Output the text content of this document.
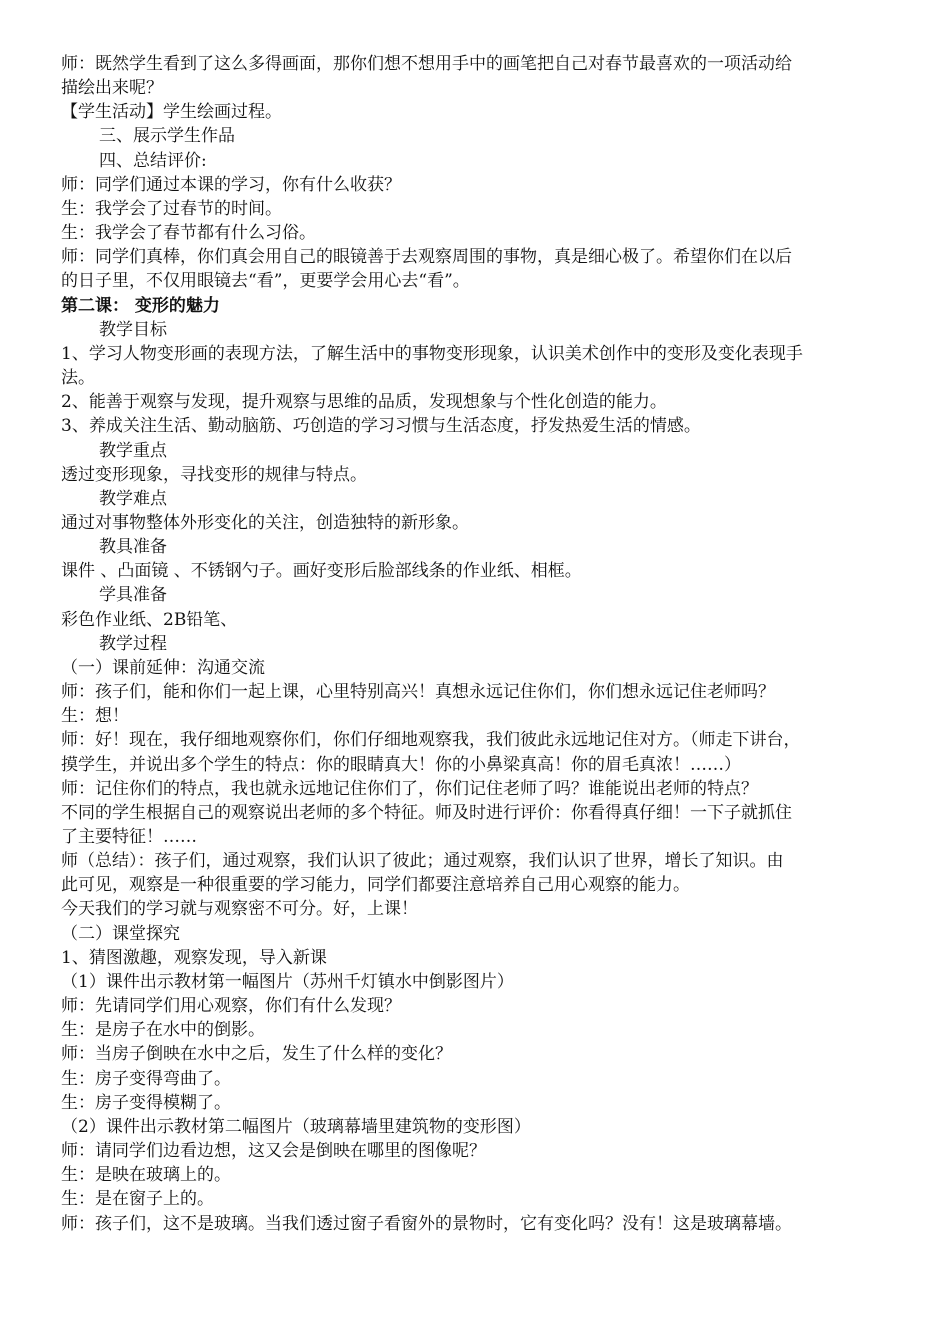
师：既然学生看到了这么多得画面，那你们想不想用手中的画笔把自己对春节最喜欢的一项活动给

描绘出来呢？

【学生活动】学生绘画过程。

三、展示学生作品

四、总结评价:

师：同学们通过本课的学习，你有什么收获？

生：我学会了过春节的时间。

生：我学会了春节都有什么习俗。

师：同学们真棒，你们真会用自己的眼镜善于去观察周围的事物，真是细心极了。希望你们在以后

的日子里，不仅用眼镜去“看”，更要学会用心去“看”。

第二课： 变形的魅力

教学目标

1、学习人物变形画的表现方法，了解生活中的事物变形现象，认识美术创作中的变形及变化表现手

法。

2、能善于观察与发现，提升观察与思维的品质，发现想象与个性化创造的能力。

3、养成关注生活、勤动脑筋、巧创造的学习习惯与生活态度，抒发热爱生活的情感。

教学重点

透过变形现象，寻找变形的规律与特点。

教学难点

通过对事物整体外形变化的关注，创造独特的新形象。

教具准备

课件 、凸面镜 、不锈钢勺子。画好变形后脸部线条的作业纸、相框。

学具准备

彩色作业纸、2B铅笔、

教学过程

（一）课前延伸：沟通交流

师：孩子们，能和你们一起上课，心里特别高兴！真想永远记住你们，你们想永远记住老师吗？

生：想！

师：好！现在，我仔细地观察你们，你们仔细地观察我，我们彼此永远地记住对方。（师走下讲台，

摸学生，并说出多个学生的特点：你的眼睛真大！你的小鼻梁真高！你的眉毛真浓！……）

师：记住你们的特点，我也就永远地记住你们了，你们记住老师了吗？谁能说出老师的特点？

不同的学生根据自己的观察说出老师的多个特征。师及时进行评价：你看得真仔细！一下子就抓住

了主要特征！……

师（总结）：孩子们，通过观察，我们认识了彼此；通过观察，我们认识了世界，增长了知识。由

此可见，观察是一种很重要的学习能力，同学们都要注意培养自己用心观察的能力。

今天我们的学习就与观察密不可分。好，上课！

（二）课堂探究

1、猜图激趣，观察发现，导入新课

（1）课件出示教材第一幅图片（苏州千灯镇水中倒影图片）

师：先请同学们用心观察，你们有什么发现？

生：是房子在水中的倒影。

师：当房子倒映在水中之后，发生了什么样的变化？

生：房子变得弯曲了。

生：房子变得模糊了。

（2）课件出示教材第二幅图片（玻璃幕墙里建筑物的变形图）

师：请同学们边看边想，这又会是倒映在哪里的图像呢？

生：是映在玻璃上的。

生：是在窗子上的。

师：孩子们，这不是玻璃。当我们透过窗子看窗外的景物时，它有变化吗？没有！这是玻璃幕墙。
